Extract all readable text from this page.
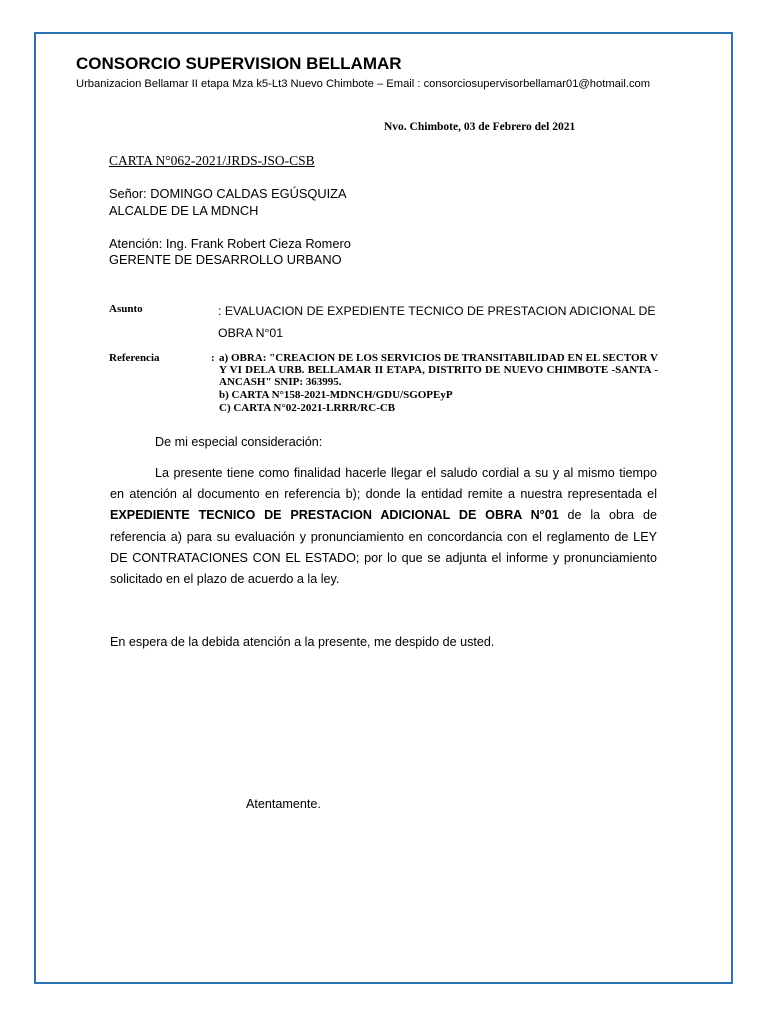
CONSORCIO SUPERVISION BELLAMAR
Urbanizacion Bellamar II etapa Mza k5-Lt3 Nuevo Chimbote – Email : consorciosupervisorbellamar01@hotmail.com
Nvo. Chimbote, 03 de Febrero del 2021
CARTA N°062-2021/JRDS-JSO-CSB
Señor: DOMINGO CALDAS EGÚSQUIZA
ALCALDE DE LA MDNCH
Atención: Ing. Frank Robert Cieza Romero
GERENTE DE DESARROLLO URBANO
Asunto	: EVALUACION DE EXPEDIENTE TECNICO DE PRESTACION ADICIONAL DE OBRA N°01
Referencia	: a) OBRA: "CREACION DE LOS SERVICIOS DE TRANSITABILIDAD EN EL SECTOR V Y VI DELA URB. BELLAMAR II ETAPA, DISTRITO DE NUEVO CHIMBOTE -SANTA - ANCASH" SNIP: 363995.
b) CARTA N°158-2021-MDNCH/GDU/SGOPEyP
C) CARTA N°02-2021-LRRR/RC-CB
De mi especial consideración:
La presente tiene como finalidad hacerle llegar el saludo cordial a su y al mismo tiempo en atención al documento en referencia b); donde la entidad remite a nuestra representada el EXPEDIENTE TECNICO DE PRESTACION ADICIONAL DE OBRA N°01 de la obra de referencia a) para su evaluación y pronunciamiento en concordancia con el reglamento de LEY DE CONTRATACIONES CON EL ESTADO; por lo que se adjunta el informe y pronunciamiento solicitado en el plazo de acuerdo a la ley.
En espera de la debida atención a la presente, me despido de usted.
Atentamente.
